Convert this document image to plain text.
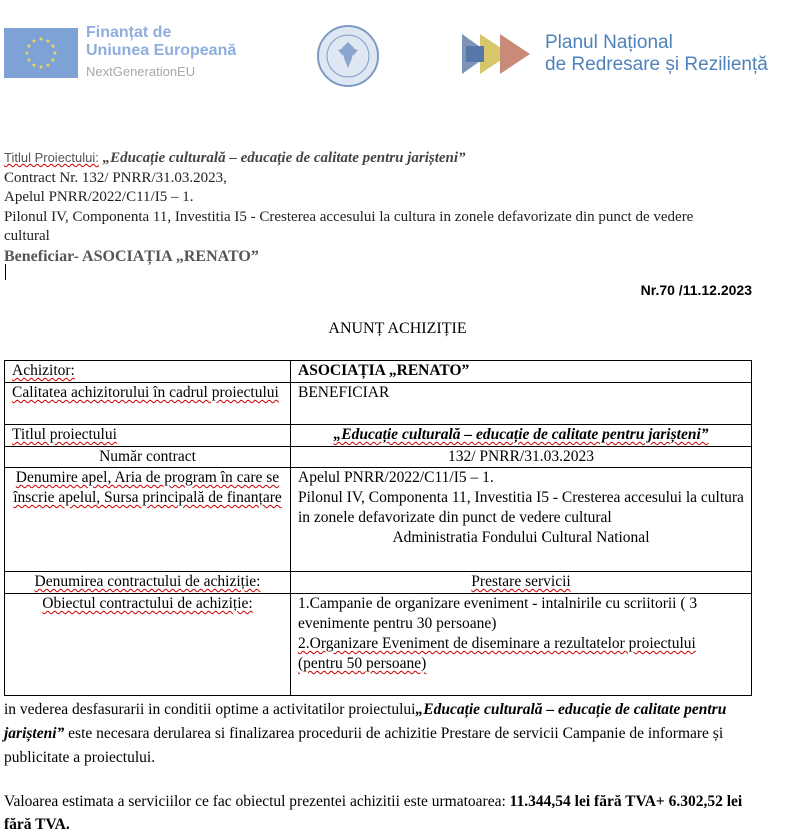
★ ★
★
★
★
★
★
★
★
★
★
★
Finanțat de
Uniunea Europeană
NextGenerationEU
Planul Național
de Redresare și Reziliență
Titlul Proiectului: „Educație culturală – educație de calitate pentru jarișteni”
Contract Nr. 132/ PNRR/31.03.2023,
Apelul PNRR/2022/C11/I5 – 1.
Pilonul IV, Componenta 11, Investitia I5 - Cresterea accesului la cultura in zonele defavorizate din punct de vedere cultural
Beneficiar- ASOCIAȚIA „RENATO”
Nr.70 /11.12.2023
ANUNȚ ACHIZIȚIE
Achizitor:	ASOCIAȚIA „RENATO”
Calitatea achizitorului în cadrul proiectului	BENEFICIAR
Titlul proiectului	„Educație culturală – educație de calitate pentru jarișteni”
Număr contract	132/ PNRR/31.03.2023
Denumire apel, Aria de program în care se înscrie apelul, Sursa principală de finanțare	Apelul PNRR/2022/C11/I5 – 1.
Pilonul IV, Componenta 11, Investitia I5 - Cresterea accesului la cultura in zonele defavorizate din punct de vedere cultural
Administratia Fondului Cultural National

Denumirea contractului de achiziție:	Prestare servicii
Obiectul contractului de achiziție:	1.Campanie de organizare eveniment - intalnirile cu scriitorii ( 3 evenimente pentru 30 persoane)
2.Organizare Eveniment de diseminare a rezultatelor proiectului (pentru 50 persoane)
in vederea desfasurarii in conditii optime a activitatilor proiectului„Educație culturală – educație de calitate pentru jarișteni” este necesara derularea si finalizarea procedurii de achizitie Prestare de servicii Campanie de informare și publicitate a proiectului.
Valoarea estimata a serviciilor ce fac obiectul prezentei achizitii este urmatoarea: 11.344,54 lei fără TVA+ 6.302,52 lei fără TVA.
